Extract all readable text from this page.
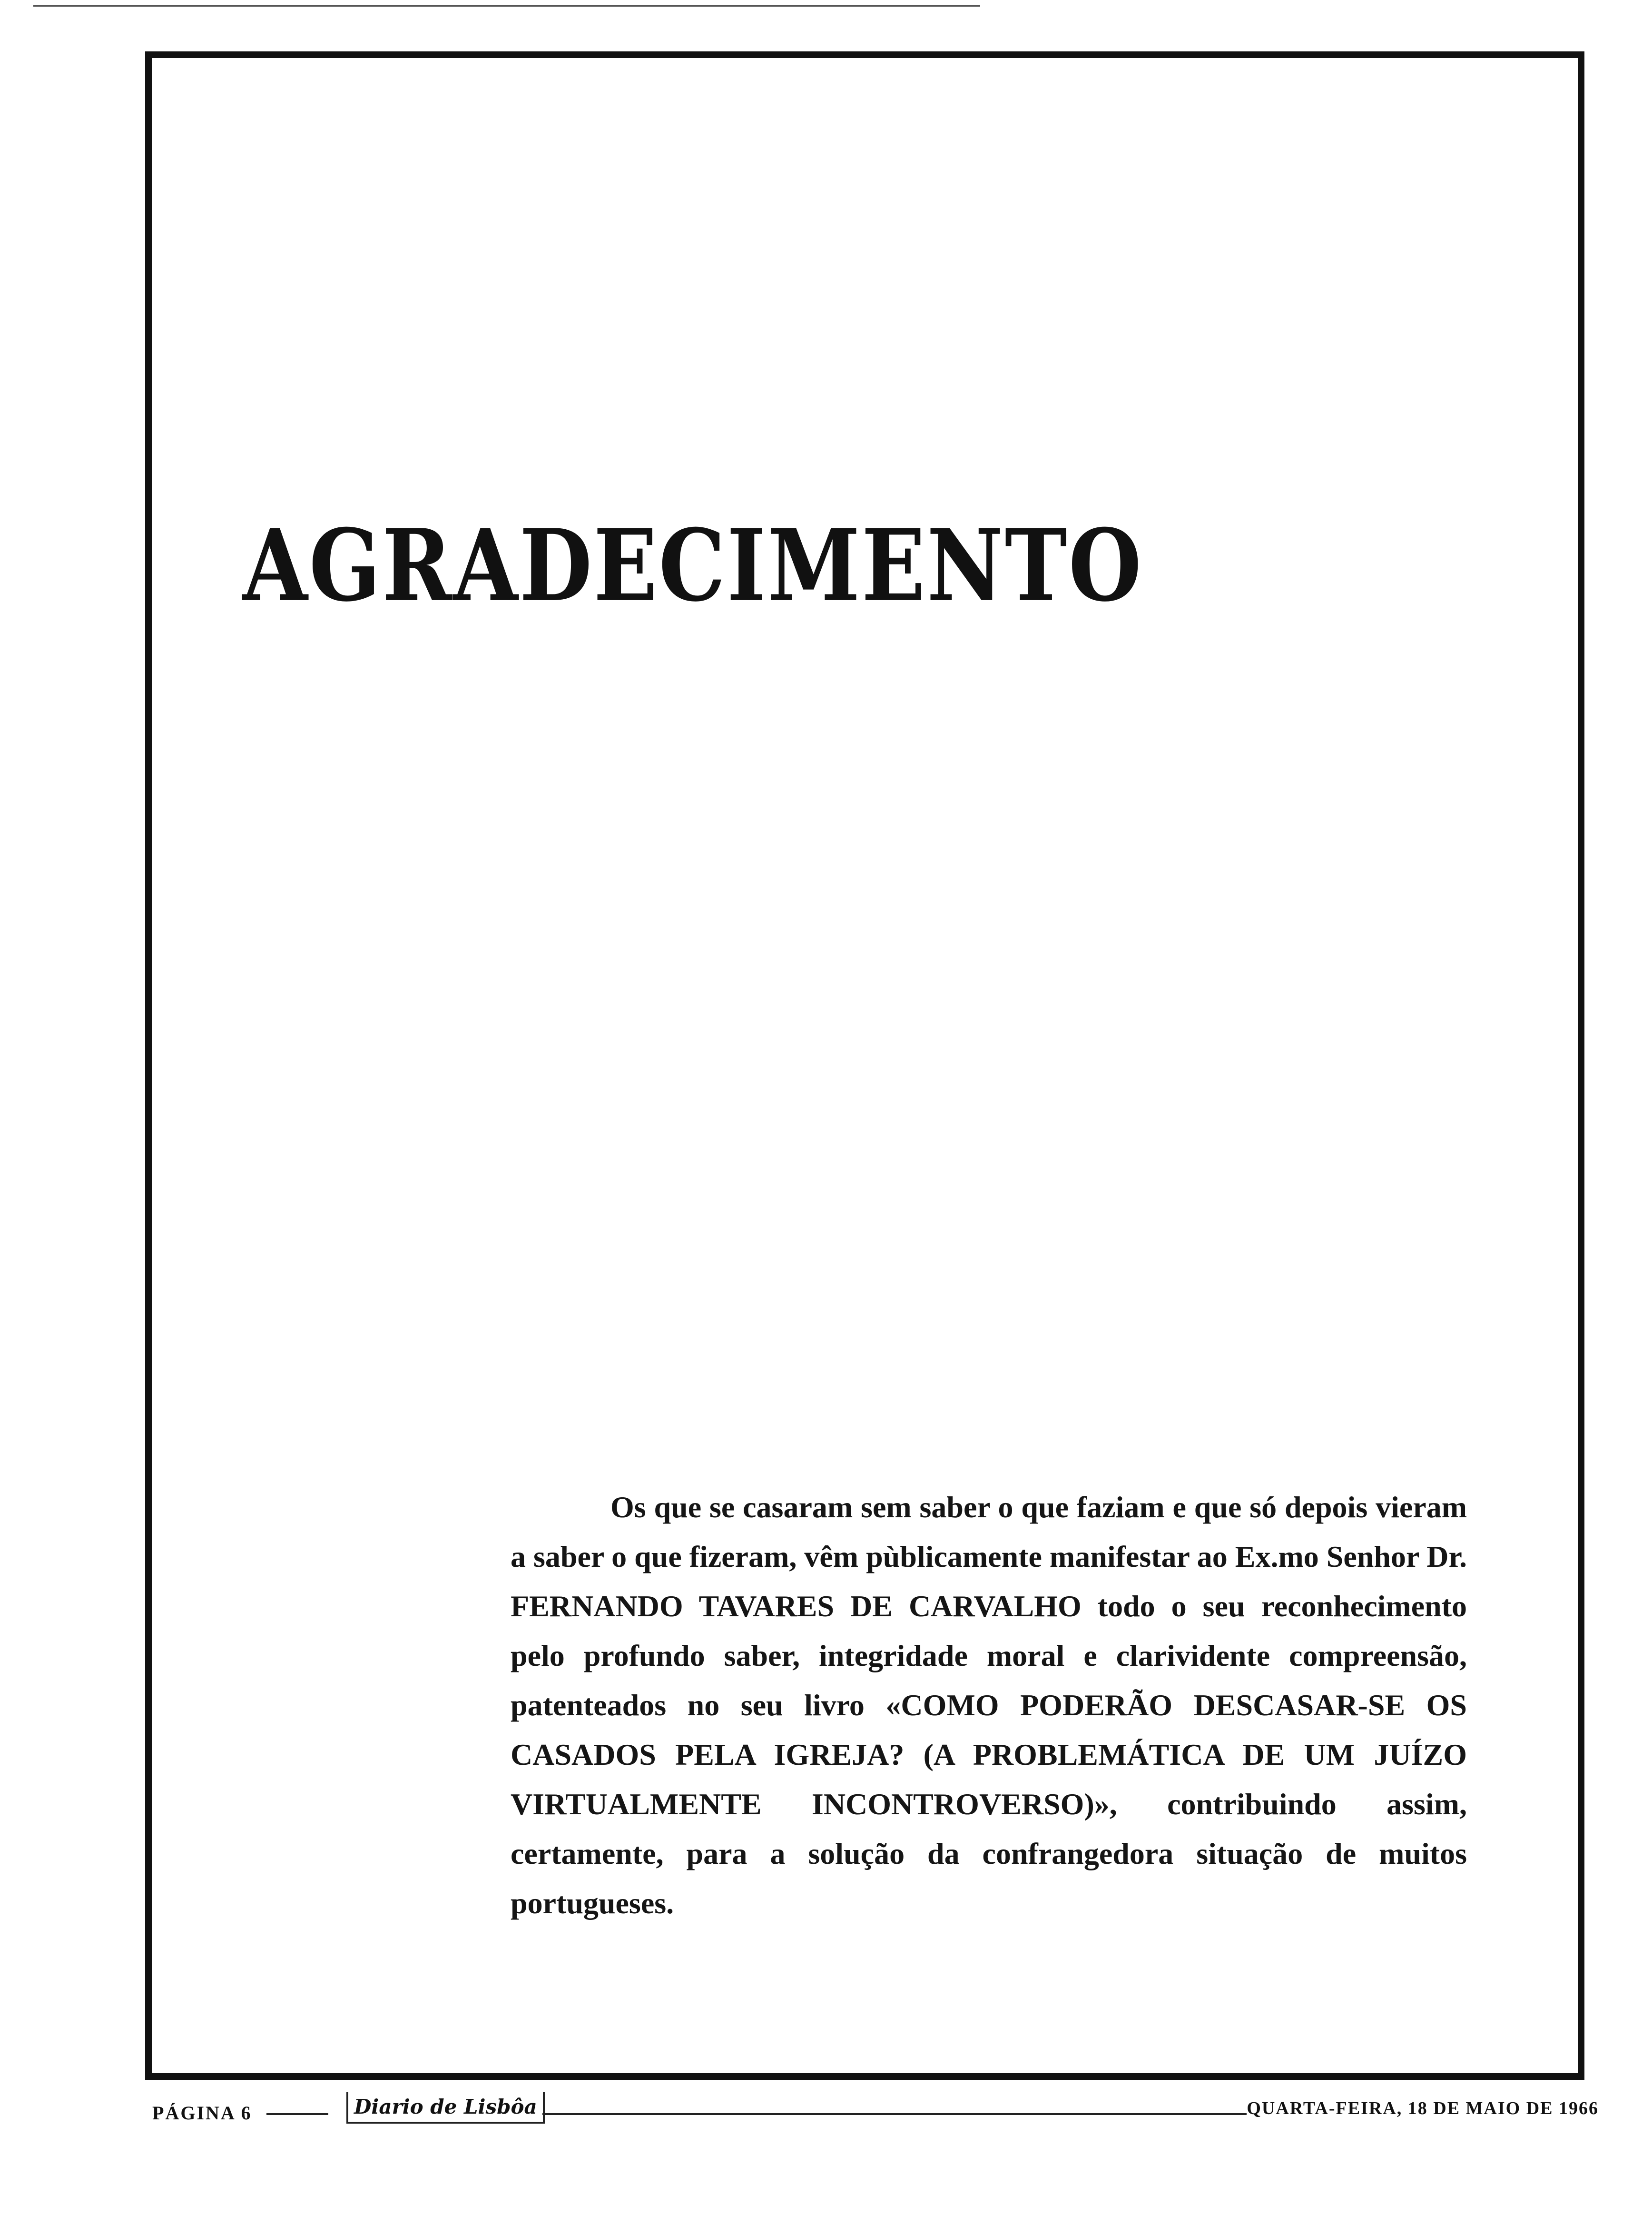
AGRADECIMENTO

Os que se casaram sem saber o que faziam e que só depois vieram a saber o que fizeram, vêm pùblicamente manifestar ao Ex.mo Senhor Dr. FERNANDO TAVARES DE CARVALHO todo o seu reconhecimento pelo profundo saber, integridade moral e clarividente compreensão, patenteados no seu livro «COMO PODERÃO DESCASAR-SE OS CASADOS PELA IGREJA? (A PROBLEMÁTICA DE UM JUÍZO VIRTUALMENTE INCONTROVERSO)», contribuindo assim, certamente, para a solução da confrangedora situação de muitos portugueses.

PÁGINA 6	Diario de Lisbôa	QUARTA-FEIRA, 18 DE MAIO DE 1966
